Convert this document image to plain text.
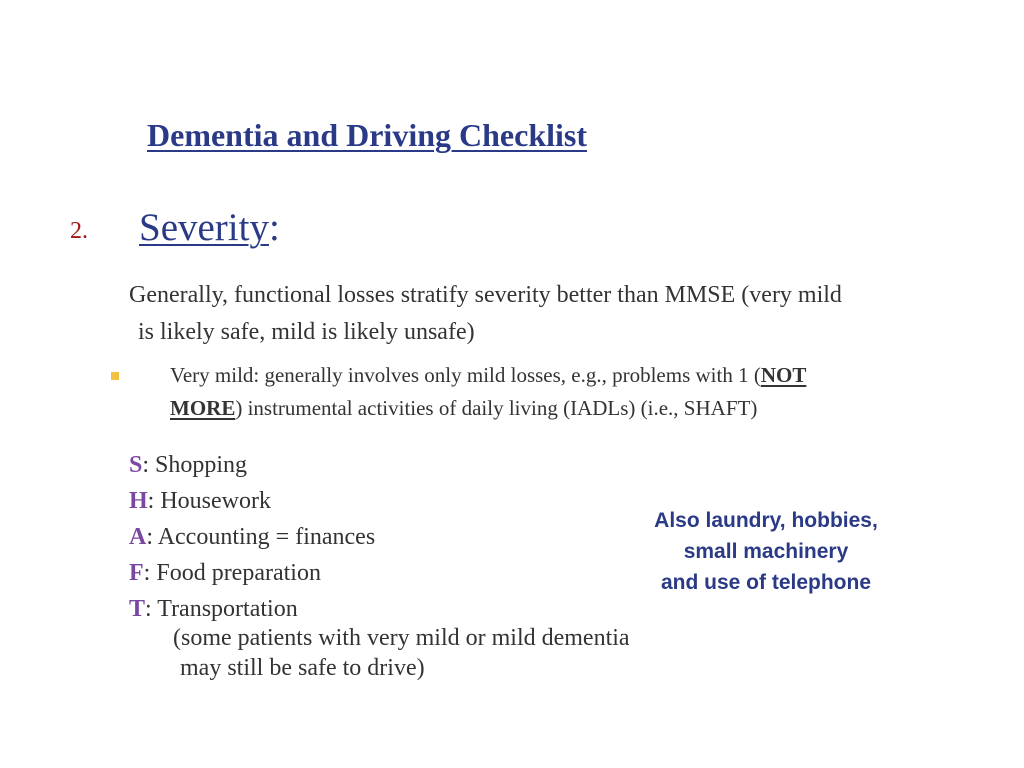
Dementia and Driving Checklist
2. Severity:
Generally, functional losses stratify severity better than MMSE (very mild
is likely safe, mild is likely unsafe)
Very mild: generally involves only mild losses, e.g., problems with 1 (NOT
MORE) instrumental activities of daily living (IADLs) (i.e., SHAFT)
S: Shopping
H: Housework
A: Accounting = finances
F: Food preparation
T: Transportation
(some patients with very mild or mild dementia
may still be safe to drive)
Also laundry, hobbies,
small machinery
and use of telephone
